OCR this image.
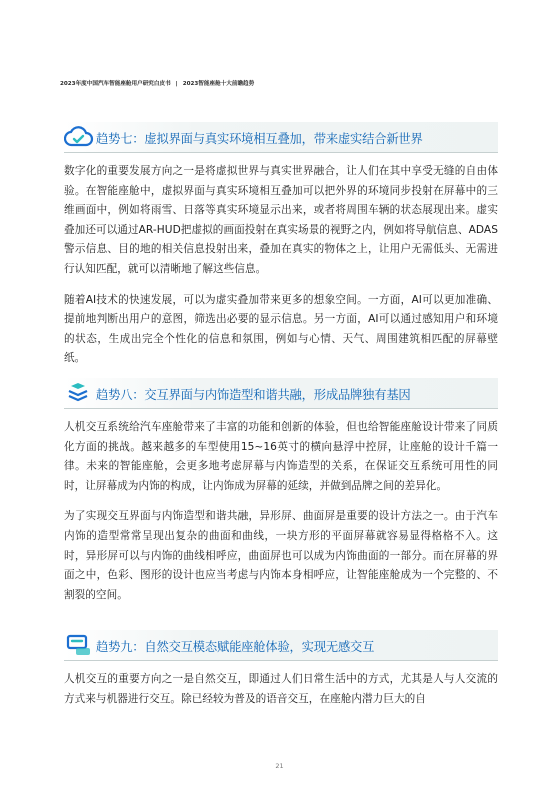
2023年度中国汽车智能座舱用户研究白皮书 | 2023智能座舱十大前瞻趋势
趋势七：虚拟界面与真实环境相互叠加，带来虚实结合新世界

数字化的重要发展方向之一是将虚拟世界与真实世界融合，让人们在其中享受无缝的自由体验。在智能座舱中，虚拟界面与真实环境相互叠加可以把外界的环境同步投射在屏幕中的三维画面中，例如将雨雪、日落等真实环境显示出来，或者将周围车辆的状态展现出来。虚实叠加还可以通过AR-HUD把虚拟的画面投射在真实场景的视野之内，例如将导航信息、ADAS警示信息、目的地的相关信息投射出来，叠加在真实的物体之上，让用户无需低头、无需进行认知匹配，就可以清晰地了解这些信息。

随着AI技术的快速发展，可以为虚实叠加带来更多的想象空间。一方面，AI可以更加准确、提前地判断出用户的意图，筛选出必要的显示信息。另一方面，AI可以通过感知用户和环境的状态，生成出完全个性化的信息和氛围，例如与心情、天气、周围建筑相匹配的屏幕壁纸。

趋势八：交互界面与内饰造型和谐共融，形成品牌独有基因

人机交互系统给汽车座舱带来了丰富的功能和创新的体验，但也给智能座舱设计带来了同质化方面的挑战。越来越多的车型使用15~16英寸的横向悬浮中控屏，让座舱的设计千篇一律。未来的智能座舱，会更多地考虑屏幕与内饰造型的关系，在保证交互系统可用性的同时，让屏幕成为内饰的构成，让内饰成为屏幕的延续，并做到品牌之间的差异化。

为了实现交互界面与内饰造型和谐共融，异形屏、曲面屏是重要的设计方法之一。由于汽车内饰的造型常常呈现出复杂的曲面和曲线，一块方形的平面屏幕就容易显得格格不入。这时，异形屏可以与内饰的曲线相呼应，曲面屏也可以成为内饰曲面的一部分。而在屏幕的界面之中，色彩、图形的设计也应当考虑与内饰本身相呼应，让智能座舱成为一个完整的、不割裂的空间。

趋势九：自然交互模态赋能座舱体验，实现无感交互

人机交互的重要方向之一是自然交互，即通过人们日常生活中的方式，尤其是人与人交流的方式来与机器进行交互。除已经较为普及的语音交互，在座舱内潜力巨大的自

21
